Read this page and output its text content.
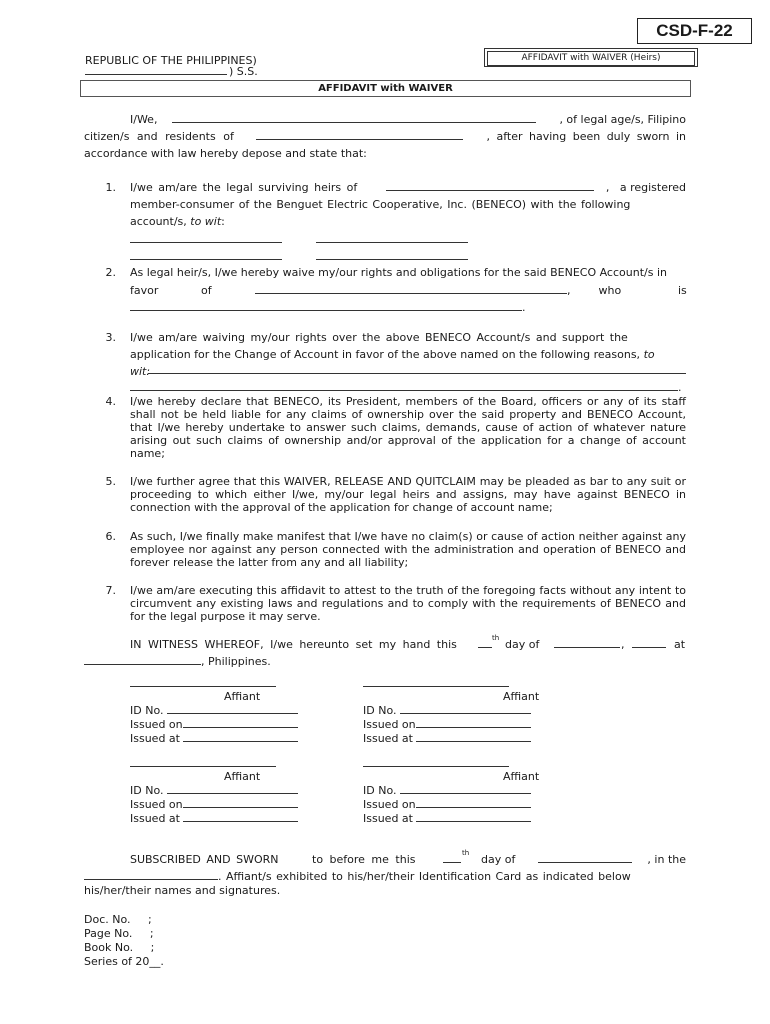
CSD-F-22
REPUBLIC OF THE PHILIPPINES)	AFFIDAVIT with WAIVER (Heirs)
) S.S.
AFFIDAVIT with WAIVER
I/We,	, of legal age/s, Filipino
citizen/s and residents of	, after having been duly sworn in
accordance with law hereby depose and state that:
1. I/we am/are the legal surviving heirs of	,   a registered
member-consumer of the Benguet Electric Cooperative, Inc. (BENECO) with the following
account/s, to wit:
2. As legal heir/s, I/we hereby waive my/our rights and obligations for the said BENECO Account/s in
favor	of	,        who	is
.
3. I/we am/are waiving my/our rights over the above BENECO Account/s and support the
application for the Change of Account in favor of the above named on the following reasons, to
wit:
.
4. I/we hereby declare that BENECO, its President, members of the Board, officers or any of its staff shall not be held liable for any claims of ownership over the said property and BENECO Account, that I/we hereby undertake to answer such claims, demands, cause of action of whatever nature arising out such claims of ownership and/or approval of the application for a change of account name;
5. I/we further agree that this WAIVER, RELEASE AND QUITCLAIM may be pleaded as bar to any suit or proceeding to which either I/we, my/our legal heirs and assigns, may have against BENECO in connection with the approval of the application for change of account name;
6. As such, I/we finally make manifest that I/we have no claim(s) or cause of action neither against any employee nor against any person connected with the administration and operation of BENECO and forever release the latter from any and all liability;
7. I/we am/are executing this affidavit to attest to the truth of the foregoing facts without any intent to circumvent any existing laws and regulations and to comply with the requirements of BENECO and for the legal purpose it may serve.
IN WITNESS WHEREOF, I/we hereunto set my hand this	th day of	,	at
, Philippines.
Affiant
ID No.
Issued on
Issued at
Affiant
ID No.
Issued on
Issued at
Affiant
ID No.
Issued on
Issued at
Affiant
ID No.
Issued on
Issued at
SUBSCRIBED AND SWORN	to before me this	th day of	, in the
. Affiant/s exhibited to his/her/their Identification Card as indicated below
his/her/their names and signatures.
Doc. No.     ;
Page No.     ;
Book No.     ;
Series of 20__.
